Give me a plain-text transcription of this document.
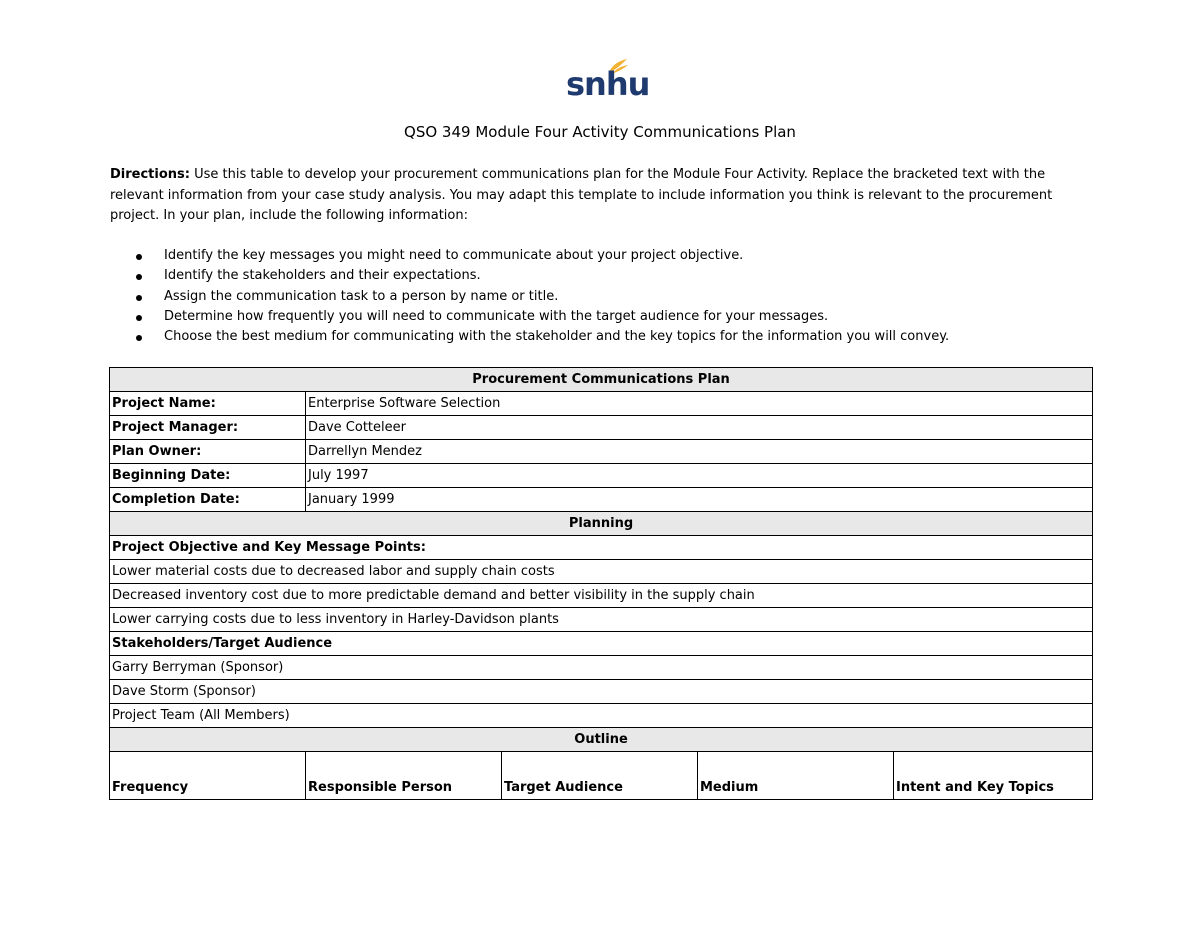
snhu
QSO 349 Module Four Activity Communications Plan

Directions: Use this table to develop your procurement communications plan for the Module Four Activity. Replace the bracketed text with the relevant information from your case study analysis. You may adapt this template to include information you think is relevant to the procurement project. In your plan, include the following information:

Identify the key messages you might need to communicate about your project objective.
Identify the stakeholders and their expectations.
Assign the communication task to a person by name or title.
Determine how frequently you will need to communicate with the target audience for your messages.
Choose the best medium for communicating with the stakeholder and the key topics for the information you will convey.
Procurement Communications Plan				
Project Name:	Enterprise Software Selection			
Project Manager:	Dave Cotteleer			
Plan Owner:	Darrellyn Mendez			
Beginning Date:	July 1997			
Completion Date:	January 1999			
Planning				
Project Objective and Key Message Points:				
Lower material costs due to decreased labor and supply chain costs				
Decreased inventory cost due to more predictable demand and better visibility in the supply chain				
Lower carrying costs due to less inventory in Harley-Davidson plants				
Stakeholders/Target Audience				
Garry Berryman (Sponsor)				
Dave Storm (Sponsor)				
Project Team (All Members)				
Outline				
Frequency	Responsible Person	Target Audience	Medium	Intent and Key Topics
